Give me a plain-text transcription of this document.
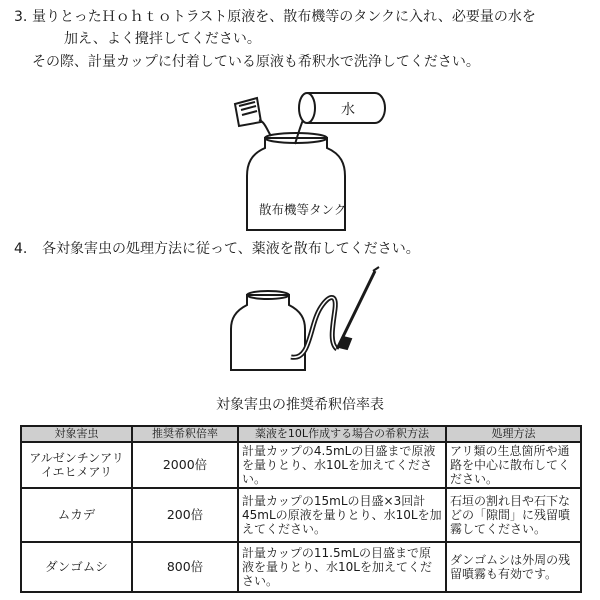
3. 量りとったＨｏｈｔｏトラスト原液を、散布機等のタンクに入れ、必要量の水を
加え、よく攪拌してください。
その際、計量カップに付着している原液も希釈水で洗浄してください。
水
散布機等タンク
4. 各対象害虫の処理方法に従って、薬液を散布してください。
対象害虫の推奨希釈倍率表
対象害虫	推奨希釈倍率	薬液を10L作成する場合の希釈方法	処理方法
アルゼンチンアリ
イエヒメアリ	2000倍	計量カップの4.5mLの目盛まで原液を量りとり、水10Lを加えてください。	アリ類の生息箇所や通
路を中心に散布してく
ださい。

ムカデ	200倍	計量カップの15mLの目盛×3回計45mLの原液を量りとり、水10Lを加えてください。	石垣の割れ目や石下な
どの「隙間」に残留噴
霧してください。

ダンゴムシ	800倍	計量カップの11.5mLの目盛まで原液を量りとり、水10Lを加えてください。	ダンゴムシは外周の残
留噴霧も有効です。
